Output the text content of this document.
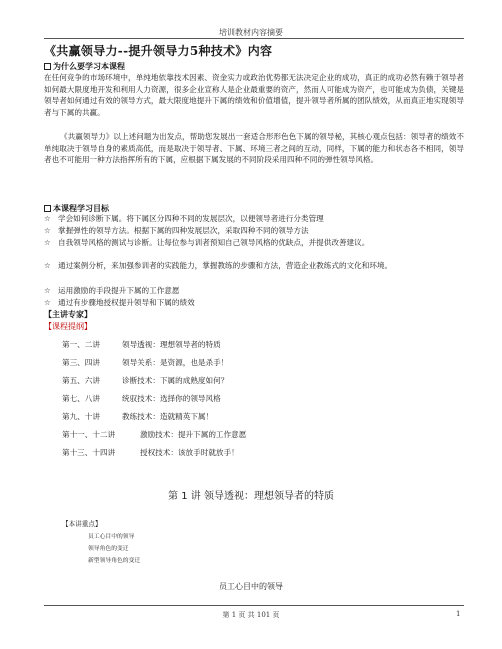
培训教材内容摘要
《共赢领导力--提升领导力5种技术》内容
为什么要学习本课程

在任何竞争的市场环境中，单纯地依靠技术因素、资金实力或政治优势都无法决定企业的成功，真正的成功必然有赖于领导者如何最大限度地开发和利用人力资源，很多企业宣称人是企业最重要的资产，然而人可能成为资产，也可能成为负债，关键是领导者如何通过有效的领导方式，最大限度地提升下属的绩效和价值增值，提升领导者所属的团队绩效，从而真正地实现领导者与下属的共赢。

《共赢领导力》以上述问题为出发点，帮助您发展出一套适合形形色色下属的领导秘，其核心观点包括：领导者的绩效不单纯取决于领导自身的素质高低，而是取决于领导者、下属、环境三者之间的互动，同样，下属的能力和状态各不相同，领导者也不可能用一种方法指挥所有的下属，应根据下属发展的不同阶段采用四种不同的弹性领导风格。

本课程学习目标

☆ 学会如何诊断下属。将下属区分四种不同的发展层次，以便领导者进行分类管理

☆ 掌握弹性的领导方法。根据下属的四种发展层次，采取四种不同的领导方法

☆ 自我领导风格的测试与诊断。让每位参与训者预知自己领导风格的优缺点，并提供改善建议。

☆ 通过案例分析，来加强参训者的实践能力，掌握教练的步骤和方法，营造企业教练式的文化和环境。

☆ 运用激励的手段提升下属的工作意愿

☆ 通过有步骤地授权提升领导和下属的绩效

【主讲专家】
【课程提纲】
第一、二讲	领导透视：理想领导者的特质
第三、四讲	领导关系：是资源，也是杀手！
第五、六讲	诊断技术：下属的成熟度如何？
第七、八讲	统驭技术：选择你的领导风格
第九、十讲	教练技术：造就精英下属！
第十一、十二讲	激励技术：提升下属的工作意愿
第十三、十四讲	授权技术：该放手时就放手！
第 1 讲 领导透视：理想领导者的特质
【本讲重点】
员工心目中的领导
领导角色的变迁
新型领导角色的变迁
员工心目中的领导
第 1 页 共 101 页	1
